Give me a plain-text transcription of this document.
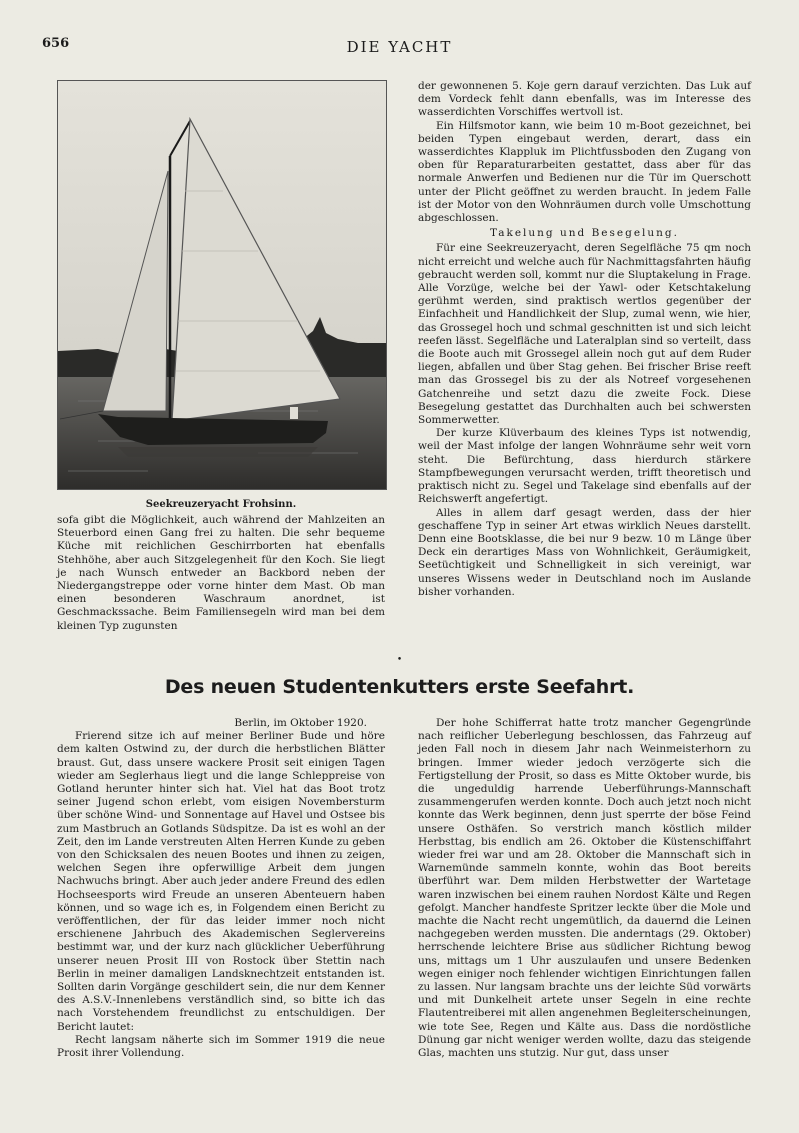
656	DIE YACHT
Seekreuzeryacht Frohsinn.

der gewonnenen 5. Koje gern darauf verzichten. Das Luk auf dem Vordeck fehlt dann ebenfalls, was im Interesse des wasserdichten Vorschiffes wertvoll ist.

Ein Hilfsmotor kann, wie beim 10 m-Boot gezeichnet, bei beiden Typen eingebaut werden, derart, dass ein wasserdichtes Klappluk im Plichtfussboden den Zugang von oben für Reparaturarbeiten gestattet, dass aber für das normale Anwerfen und Bedienen nur die Tür im Querschott unter der Plicht geöffnet zu werden braucht. In jedem Falle ist der Motor von den Wohnräumen durch volle Umschottung abgeschlossen.

Takelung und Besegelung.

Für eine Seekreuzeryacht, deren Segelfläche 75 qm noch nicht erreicht und welche auch für Nachmittagsfahrten häufig gebraucht werden soll, kommt nur die Sluptakelung in Frage. Alle Vorzüge, welche bei der Yawl- oder Ketschtakelung gerühmt werden, sind praktisch wertlos gegenüber der Einfachheit und Handlichkeit der Slup, zumal wenn, wie hier, das Grossegel hoch und schmal geschnitten ist und sich leicht reefen lässt. Segelfläche und Lateralplan sind so verteilt, dass die Boote auch mit Grossegel allein noch gut auf dem Ruder liegen, abfallen und über Stag gehen. Bei frischer Brise reeft man das Grossegel bis zu der als Notreef vorgesehenen Gatchenreihe und setzt dazu die zweite Fock. Diese Besegelung gestattet das Durchhalten auch bei schwersten Sommerwetter.

Der kurze Klüverbaum des kleines Typs ist notwendig, weil der Mast infolge der langen Wohnräume sehr weit vorn steht. Die Befürchtung, dass hierdurch stärkere Stampfbewegungen verursacht werden, trifft theoretisch und praktisch nicht zu. Segel und Takelage sind ebenfalls auf der Reichswerft angefertigt.

Alles in allem darf gesagt werden, dass der hier geschaffene Typ in seiner Art etwas wirklich Neues darstellt. Denn eine Bootsklasse, die bei nur 9 bezw. 10 m Länge über Deck ein derartiges Mass von Wohnlichkeit, Geräumigkeit, Seetüchtigkeit und Schnelligkeit in sich vereinigt, war unseres Wissens weder in Deutschland noch im Auslande bisher vorhanden.

sofa gibt die Möglichkeit, auch während der Mahlzeiten an Steuerbord einen Gang frei zu halten. Die sehr bequeme Küche mit reichlichen Geschirrborten hat ebenfalls Stehhöhe, aber auch Sitzgelegenheit für den Koch. Sie liegt je nach Wunsch entweder an Backbord neben der Niedergangstreppe oder vorne hinter dem Mast. Ob man einen besonderen Waschraum anordnet, ist Geschmackssache. Beim Familiensegeln wird man bei dem kleinen Typ zugunsten

•
Des neuen Studentenkutters erste Seefahrt.

Berlin, im Oktober 1920.

Frierend sitze ich auf meiner Berliner Bude und höre dem kalten Ostwind zu, der durch die herbstlichen Blätter braust. Gut, dass unsere wackere Prosit seit einigen Tagen wieder am Seglerhaus liegt und die lange Schleppreise von Gotland herunter hinter sich hat. Viel hat das Boot trotz seiner Jugend schon erlebt, vom eisigen Novembersturm über schöne Wind- und Sonnentage auf Havel und Ostsee bis zum Mastbruch an Gotlands Südspitze. Da ist es wohl an der Zeit, den im Lande verstreuten Alten Herren Kunde zu geben von den Schicksalen des neuen Bootes und ihnen zu zeigen, welchen Segen ihre opferwillige Arbeit dem jungen Nachwuchs bringt. Aber auch jeder andere Freund des edlen Hochseesports wird Freude an unseren Abenteuern haben können, und so wage ich es, in Folgendem einen Bericht zu veröffentlichen, der für das leider immer noch nicht erschienene Jahrbuch des Akademischen Seglervereins bestimmt war, und der kurz nach glücklicher Ueberführung unserer neuen Prosit III von Rostock über Stettin nach Berlin in meiner damaligen Landsknechtzeit entstanden ist. Sollten darin Vorgänge geschildert sein, die nur dem Kenner des A.S.V.-Innenlebens verständlich sind, so bitte ich das nach Vorstehendem freundlichst zu entschuldigen. Der Bericht lautet:

Recht langsam näherte sich im Sommer 1919 die neue Prosit ihrer Vollendung.

Der hohe Schifferrat hatte trotz mancher Gegengründe nach reiflicher Ueberlegung beschlossen, das Fahrzeug auf jeden Fall noch in diesem Jahr nach Weinmeisterhorn zu bringen. Immer wieder jedoch verzögerte sich die Fertigstellung der Prosit, so dass es Mitte Oktober wurde, bis die ungeduldig harrende Ueberführungs-Mannschaft zusammengerufen werden konnte. Doch auch jetzt noch nicht konnte das Werk beginnen, denn just sperrte der böse Feind unsere Osthäfen. So verstrich manch köstlich milder Herbsttag, bis endlich am 26. Oktober die Küstenschiffahrt wieder frei war und am 28. Oktober die Mannschaft sich in Warnemünde sammeln konnte, wohin das Boot bereits überführt war. Dem milden Herbstwetter der Wartetage waren inzwischen bei einem rauhen Nordost Kälte und Regen gefolgt. Mancher handfeste Spritzer leckte über die Mole und machte die Nacht recht ungemütlich, da dauernd die Leinen nachgegeben werden mussten. Die anderntags (29. Oktober) herrschende leichtere Brise aus südlicher Richtung bewog uns, mittags um 1 Uhr auszulaufen und unsere Bedenken wegen einiger noch fehlender wichtigen Einrichtungen fallen zu lassen. Nur langsam brachte uns der leichte Süd vorwärts und mit Dunkelheit artete unser Segeln in eine rechte Flautentreiberei mit allen angenehmen Begleiterscheinungen, wie tote See, Regen und Kälte aus. Dass die nordöstliche Dünung gar nicht weniger werden wollte, dazu das steigende Glas, machten uns stutzig. Nur gut, dass unser
